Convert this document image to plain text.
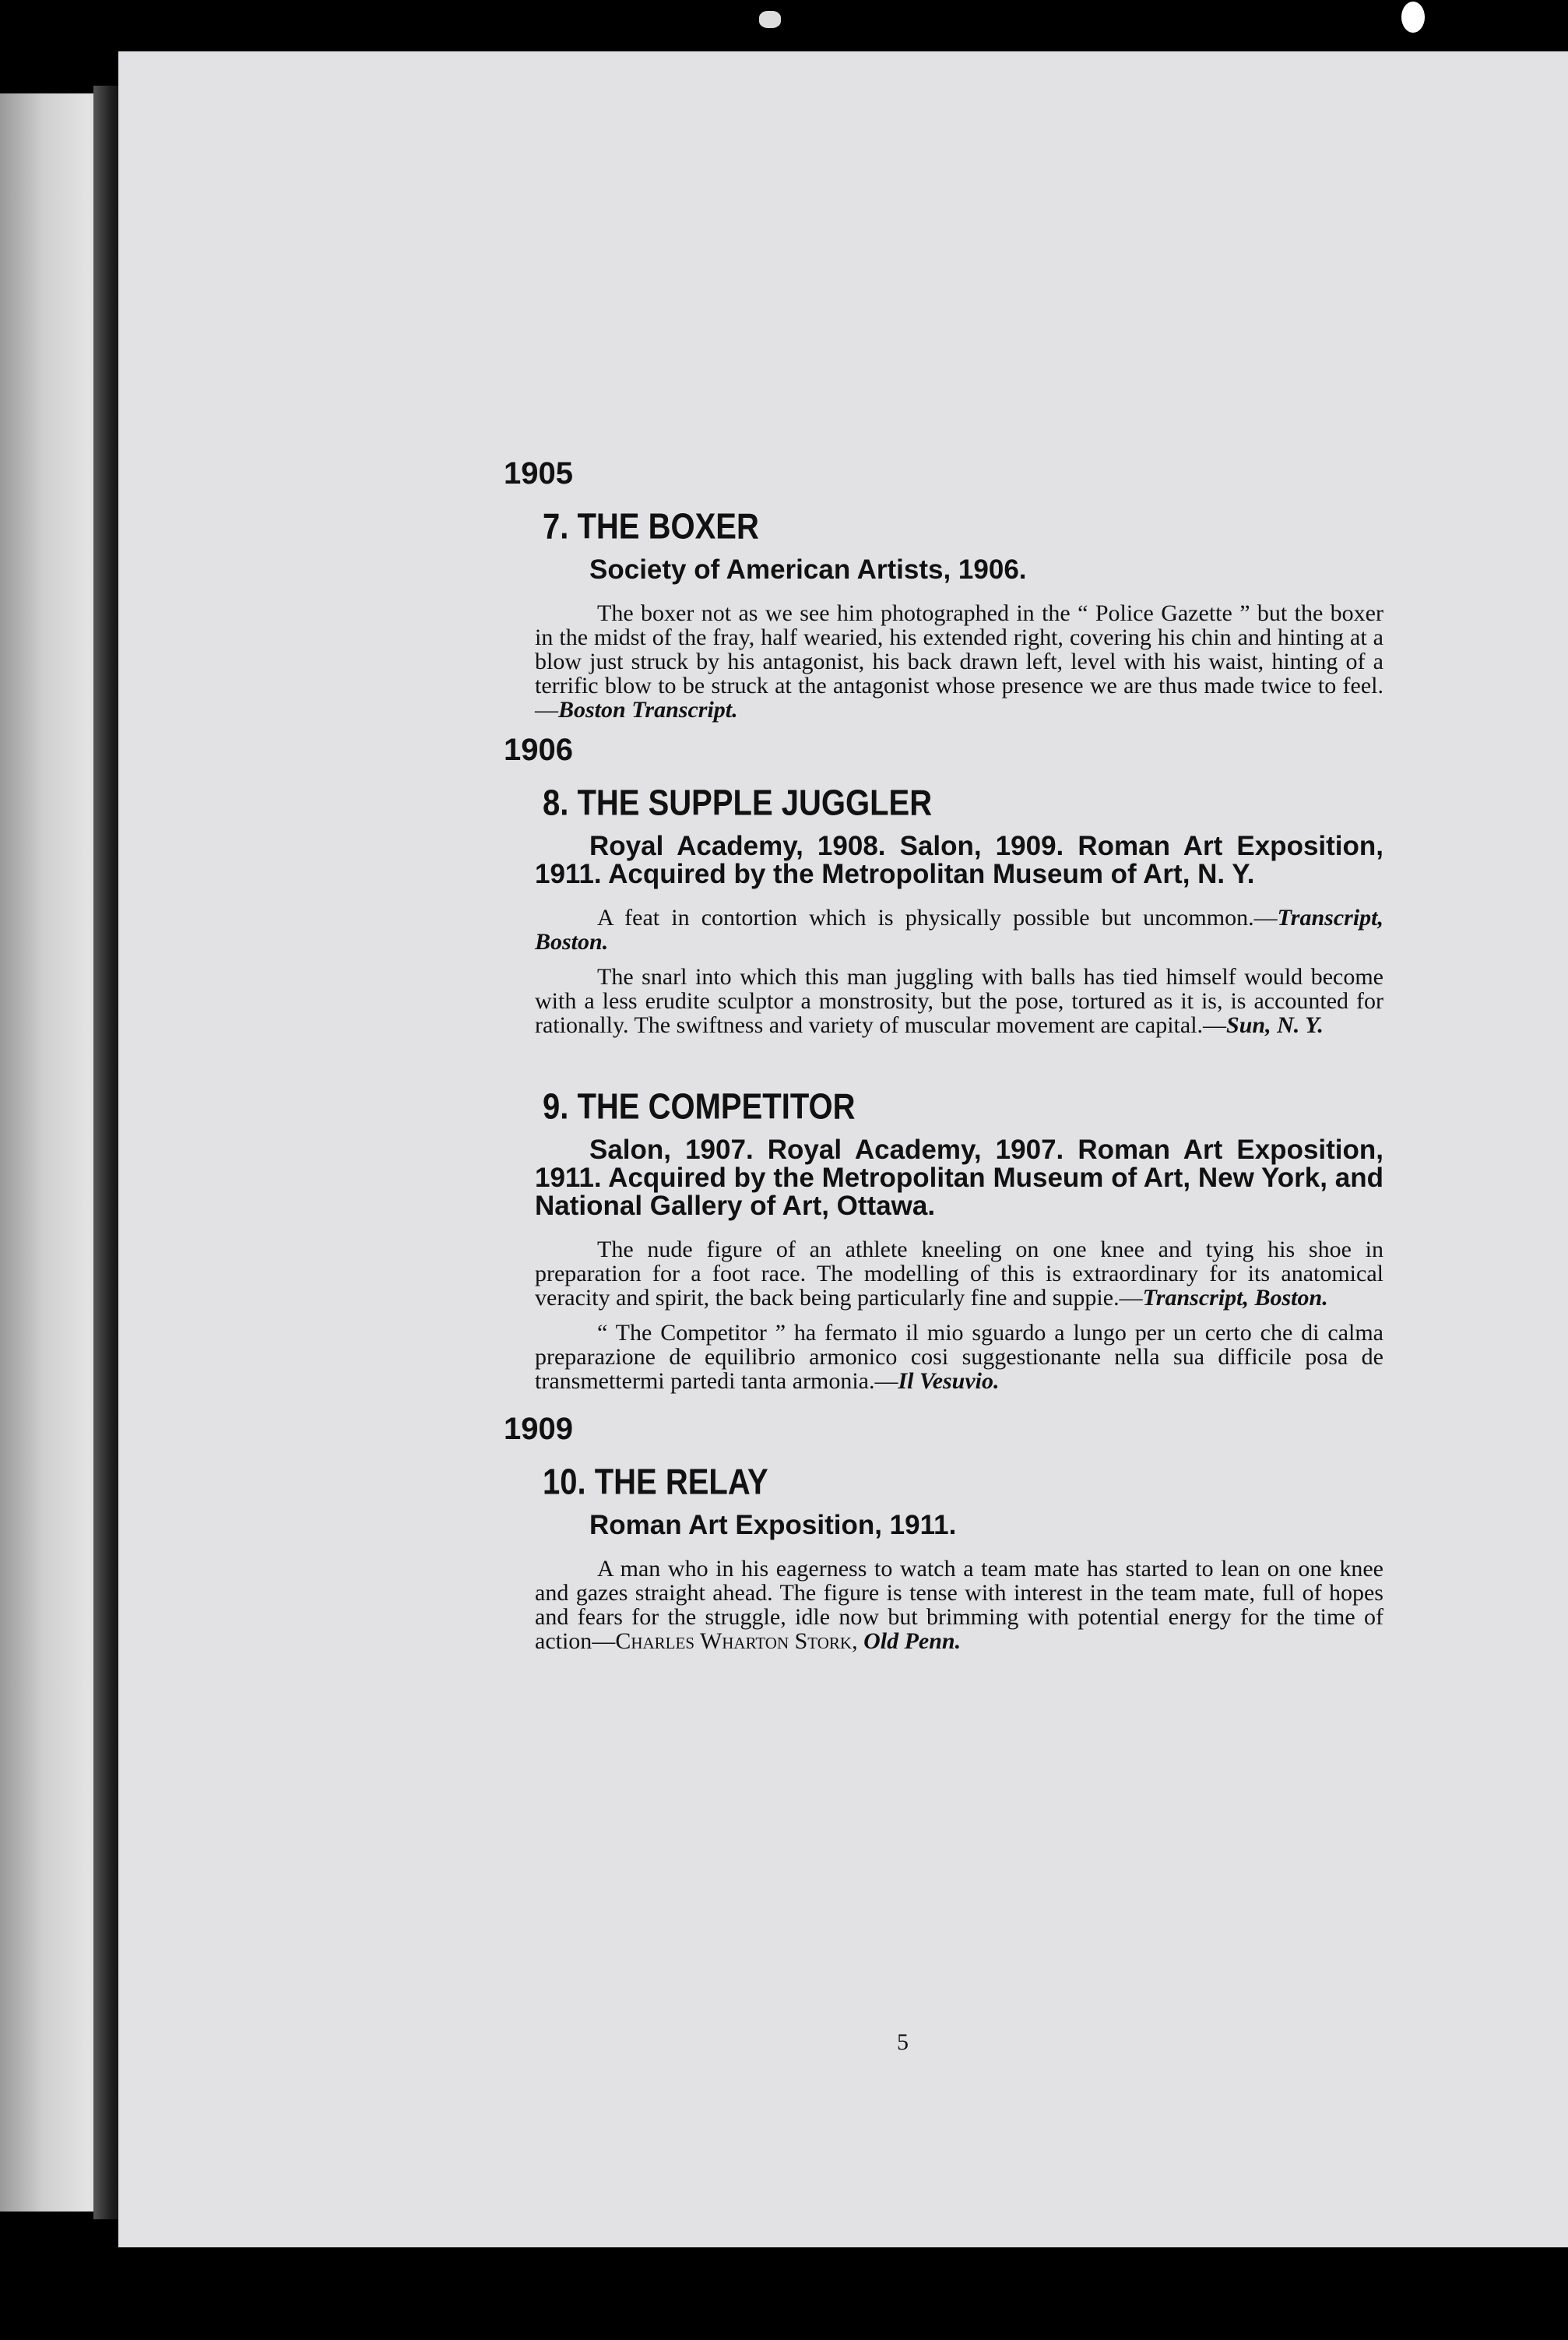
1905
7. THE BOXER
Society of American Artists, 1906.

The boxer not as we see him photographed in the “ Police Gazette ” but the boxer in the midst of the fray, half wearied, his extended right, covering his chin and hinting at a blow just struck by his antagonist, his back drawn left, level with his waist, hinting of a terrific blow to be struck at the antagonist whose presence we are thus made twice to feel.—Boston Transcript.

1906
8. THE SUPPLE JUGGLER
Royal Academy, 1908. Salon, 1909. Roman Art Exposition, 1911. Acquired by the Metropolitan Museum of Art, N. Y.

A feat in contortion which is physically possible but uncommon.—Transcript, Boston.

The snarl into which this man juggling with balls has tied himself would become with a less erudite sculptor a monstrosity, but the pose, tortured as it is, is accounted for rationally. The swiftness and variety of muscular movement are capital.—Sun, N. Y.

9. THE COMPETITOR
Salon, 1907. Royal Academy, 1907. Roman Art Exposition, 1911. Acquired by the Metropolitan Museum of Art, New York, and National Gallery of Art, Ottawa.

The nude figure of an athlete kneeling on one knee and tying his shoe in preparation for a foot race. The modelling of this is extraordinary for its anatomical veracity and spirit, the back being particularly fine and suppie.—Transcript, Boston.

“ The Competitor ” ha fermato il mio sguardo a lungo per un certo che di calma preparazione de equilibrio armonico cosi suggestionante nella sua difficile posa de transmettermi partedi tanta armonia.—Il Vesuvio.

1909
10. THE RELAY
Roman Art Exposition, 1911.

A man who in his eagerness to watch a team mate has started to lean on one knee and gazes straight ahead. The figure is tense with interest in the team mate, full of hopes and fears for the struggle, idle now but brimming with potential energy for the time of action—Charles Wharton Stork, Old Penn.

5
